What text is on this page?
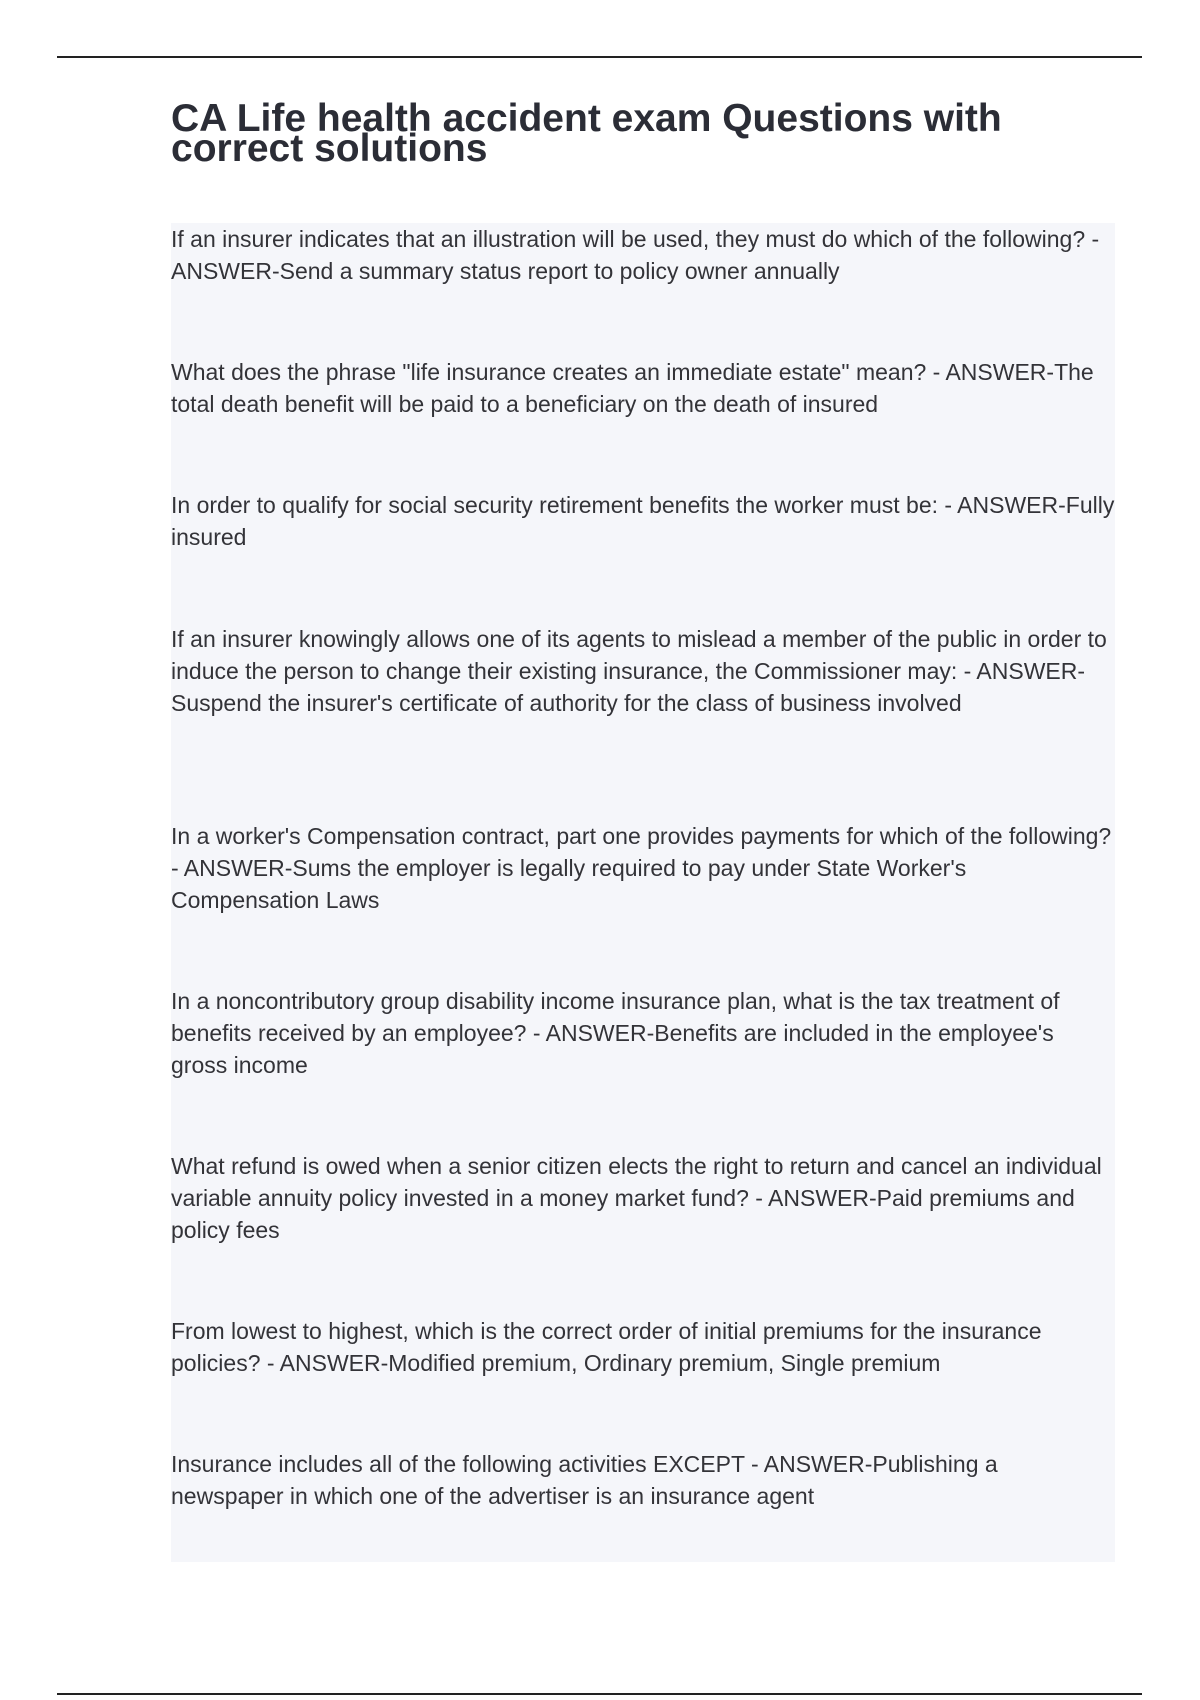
CA Life health accident exam Questions with correct solutions

If an insurer indicates that an illustration will be used, they must do which of the following? - ANSWER-Send a summary status report to policy owner annually

What does the phrase "life insurance creates an immediate estate" mean? - ANSWER-The total death benefit will be paid to a beneficiary on the death of insured

In order to qualify for social security retirement benefits the worker must be: - ANSWER-Fully insured

If an insurer knowingly allows one of its agents to mislead a member of the public in order to induce the person to change their existing insurance, the Commissioner may: - ANSWER-Suspend the insurer's certificate of authority for the class of business involved

In a worker's Compensation contract, part one provides payments for which of the following? - ANSWER-Sums the employer is legally required to pay under State Worker's Compensation Laws

In a noncontributory group disability income insurance plan, what is the tax treatment of benefits received by an employee? - ANSWER-Benefits are included in the employee's gross income

What refund is owed when a senior citizen elects the right to return and cancel an individual variable annuity policy invested in a money market fund? - ANSWER-Paid premiums and policy fees

From lowest to highest, which is the correct order of initial premiums for the insurance policies? - ANSWER-Modified premium, Ordinary premium, Single premium

Insurance includes all of the following activities EXCEPT - ANSWER-Publishing a newspaper in which one of the advertiser is an insurance agent
